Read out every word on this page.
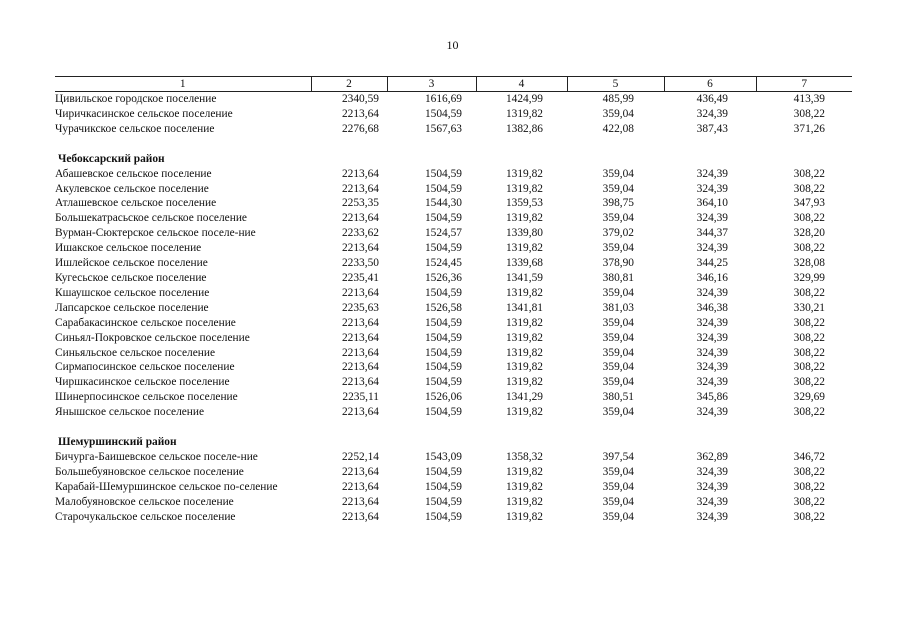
10
1	2	3	4	5	6	7
Цивильское городское поселение	2340,59	1616,69	1424,99	485,99	436,49	413,39
Чиричкасинское сельское поселение	2213,64	1504,59	1319,82	359,04	324,39	308,22
Чурачикское сельское поселение	2276,68	1567,63	1382,86	422,08	387,43	371,26

Чебоксарский район						
Абашевское сельское поселение	2213,64	1504,59	1319,82	359,04	324,39	308,22
Акулевское сельское поселение	2213,64	1504,59	1319,82	359,04	324,39	308,22
Атлашевское сельское поселение	2253,35	1544,30	1359,53	398,75	364,10	347,93
Большекатрасьское сельское поселение	2213,64	1504,59	1319,82	359,04	324,39	308,22
Вурман-Сюктерское сельское поселе-ние	2233,62	1524,57	1339,80	379,02	344,37	328,20
Ишакское сельское поселение	2213,64	1504,59	1319,82	359,04	324,39	308,22
Ишлейское сельское поселение	2233,50	1524,45	1339,68	378,90	344,25	328,08
Кугесьское сельское поселение	2235,41	1526,36	1341,59	380,81	346,16	329,99
Кшаушское сельское поселение	2213,64	1504,59	1319,82	359,04	324,39	308,22
Лапсарское сельское поселение	2235,63	1526,58	1341,81	381,03	346,38	330,21
Сарабакасинское сельское поселение	2213,64	1504,59	1319,82	359,04	324,39	308,22
Синьял-Покровское сельское поселение	2213,64	1504,59	1319,82	359,04	324,39	308,22
Синьяльское сельское поселение	2213,64	1504,59	1319,82	359,04	324,39	308,22
Сирмапосинское сельское поселение	2213,64	1504,59	1319,82	359,04	324,39	308,22
Чиршкасинское сельское поселение	2213,64	1504,59	1319,82	359,04	324,39	308,22
Шинерпосинское сельское поселение	2235,11	1526,06	1341,29	380,51	345,86	329,69
Янышское сельское поселение	2213,64	1504,59	1319,82	359,04	324,39	308,22

Шемуршинский район						
Бичурга-Баишевское сельское поселе-ние	2252,14	1543,09	1358,32	397,54	362,89	346,72
Большебуяновское сельское поселение	2213,64	1504,59	1319,82	359,04	324,39	308,22
Карабай-Шемуршинское сельское по-селение	2213,64	1504,59	1319,82	359,04	324,39	308,22
Малобуяновское сельское поселение	2213,64	1504,59	1319,82	359,04	324,39	308,22
Старочукальское сельское поселение	2213,64	1504,59	1319,82	359,04	324,39	308,22
